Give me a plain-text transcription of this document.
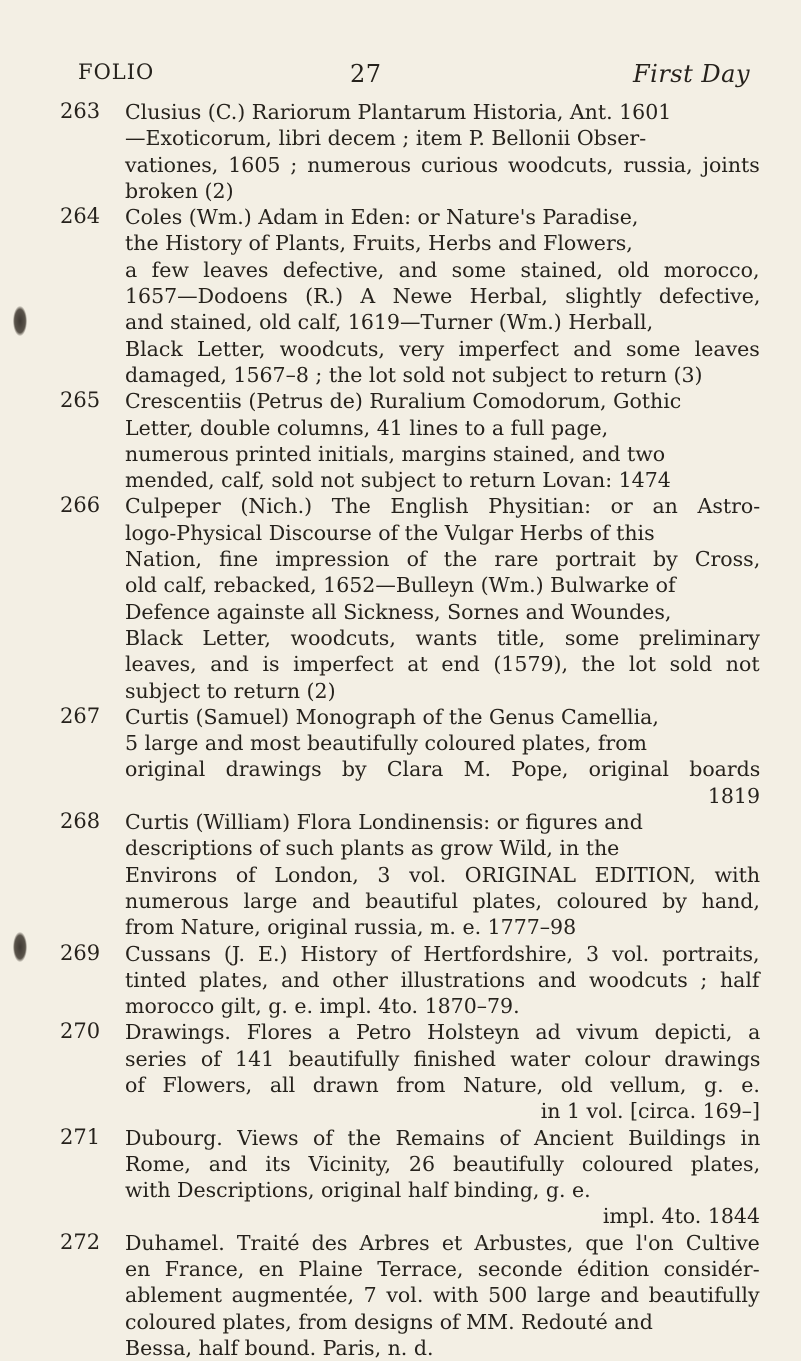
FOLIO	27	First Day
263 Clusius (C.) Rariorum Plantarum Historia, Ant. 1601
—Exoticorum, libri decem ; item P. Bellonii Obser-
vationes, 1605 ; numerous curious woodcuts, russia, joints
broken (2)
264 Coles (Wm.) Adam in Eden: or Nature's Paradise,
the History of Plants, Fruits, Herbs and Flowers,
a few leaves defective, and some stained, old morocco,
1657—Dodoens (R.) A Newe Herbal, slightly defective,
and stained, old calf, 1619—Turner (Wm.) Herball,
Black Letter, woodcuts, very imperfect and some leaves
damaged, 1567–8 ; the lot sold not subject to return (3)
265 Crescentiis (Petrus de) Ruralium Comodorum, Gothic
Letter, double columns, 41 lines to a full page,
numerous printed initials, margins stained, and two
mended, calf, sold not subject to return Lovan: 1474
266 Culpeper (Nich.) The English Physitian: or an Astro-
logo-Physical Discourse of the Vulgar Herbs of this
Nation, fine impression of the rare portrait by Cross,
old calf, rebacked, 1652—Bulleyn (Wm.) Bulwarke of
Defence againste all Sickness, Sornes and Woundes,
Black Letter, woodcuts, wants title, some preliminary
leaves, and is imperfect at end (1579), the lot sold not
subject to return (2)
267 Curtis (Samuel) Monograph of the Genus Camellia,
5 large and most beautifully coloured plates, from
original drawings by Clara M. Pope, original boards
1819
268 Curtis (William) Flora Londinensis: or figures and
descriptions of such plants as grow Wild, in the
Environs of London, 3 vol. ORIGINAL EDITION, with
numerous large and beautiful plates, coloured by hand,
from Nature, original russia, m. e. 1777–98
269 Cussans (J. E.) History of Hertfordshire, 3 vol. portraits,
tinted plates, and other illustrations and woodcuts ; half
morocco gilt, g. e. impl. 4to. 1870–79.
270 Drawings. Flores a Petro Holsteyn ad vivum depicti, a
series of 141 beautifully finished water colour drawings
of Flowers, all drawn from Nature, old vellum, g. e.
in 1 vol. [circa. 169–]
271 Dubourg. Views of the Remains of Ancient Buildings in
Rome, and its Vicinity, 26 beautifully coloured plates,
with Descriptions, original half binding, g. e.
impl. 4to. 1844
272 Duhamel. Traité des Arbres et Arbustes, que l'on Cultive
en France, en Plaine Terrace, seconde édition considér-
ablement augmentée, 7 vol. with 500 large and beautifully
coloured plates, from designs of MM. Redouté and
Bessa, half bound. Paris, n. d.
